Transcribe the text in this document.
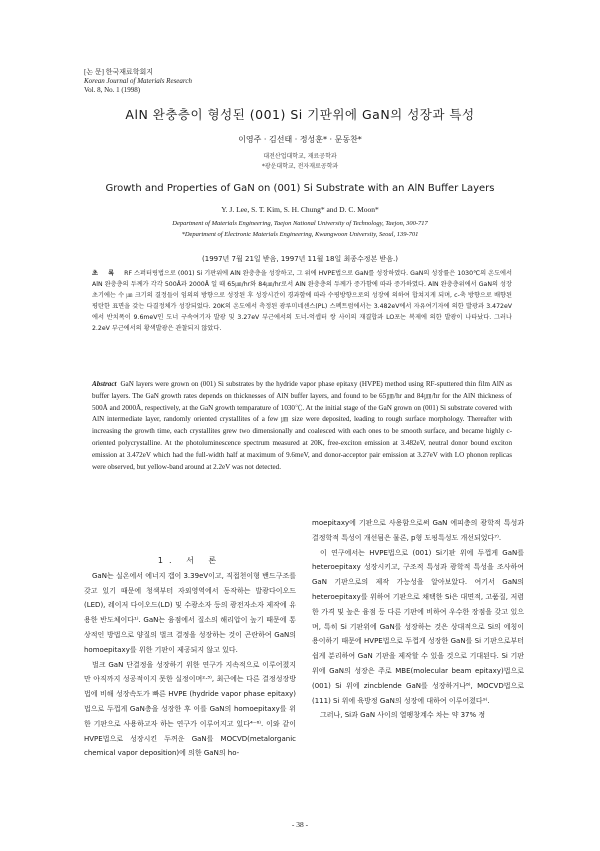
[논 문] 한국재료학회지
Korean Journal of Materials Research
Vol. 8, No. 1 (1998)
AlN 완충층이 형성된 (001) Si 기판위에 GaN의 성장과 특성
이영주 · 김선태 · 정성훈* · 문동찬*
대전산업대학교, 재료공학과
*광운대학교, 전자재료공학과
Growth and Properties of GaN on (001) Si Substrate with an AlN Buffer Layers
Y. J. Lee, S. T. Kim, S. H. Chung* and D. C. Moon*
Department of Materials Engineering, Taejon National University of Technology, Taejon, 300-717
*Department of Electronic Materials Engineering, Kwangwoon University, Seoul, 139-701
(1997년 7월 21일 받음, 1997년 11월 18일 최종수정본 받음.)
초 록 RF 스퍼터링법으로 (001) Si 기판위에 AlN 완충층을 성장하고, 그 위에 HVPE법으로 GaN를 성장하였다. GaN의 성장률은 1030℃의 온도에서 AlN 완충층의 두께가 각각 500Å과 2000Å 일 때 65㎛/hr와 84㎛/hr로서 AlN 완충층의 두께가 증가함에 따라 증가하였다. AlN 완충층위에서 GaN의 성장초기에는 수 ㎛ 크기의 결정들이 임의의 방향으로 성장된 후 성장시간이 경과함에 따라 수평방향으로의 성장에 의하여 합쳐지게 되며, c-축 방향으로 배향된 평탄한 표면을 갖는 다결정체가 성장되었다. 20K의 온도에서 측정된 광루미네센스(PL) 스펙트럼에서는 3.482eV에서 자유여기자에 의한 발광과 3.472eV에서 반치폭이 9.6meV인 도너 구속여기자 발광 및 3.27eV 부근에서의 도너-억셉터 쌍 사이의 재결합과 LO포논 복제에 의한 발광이 나타났다. 그러나 2.2eV 부근에서의 황색발광은 관찰되지 않았다.
Abstract GaN layers were grown on (001) Si substrates by the hydride vapor phase epitaxy (HVPE) method using RF-sputtered thin film AlN as buffer layers. The GaN growth rates depends on thicknesses of AlN buffer layers, and found to be 65㎛/hr and 84㎛/hr for the AlN thickness of 500Å and 2000Å, respectively, at the GaN growth temparature of 1030℃. At the initial stage of the GaN grown on (001) Si substrate covered with AlN intermediate layer, randomly oriented crystallites of a few ㎛ size were deposited, leading to rough surface morphology. Thereafter with increasing the growth time, each crystallites grew two dimensionally and coalesced with each ones to be smooth surface, and became highly c-oriented polycrystalline. At the photoluminescence spectrum measured at 20K, free-exciton emission at 3.482eV, neutral donor bound exciton emission at 3.472eV which had the full-width half at maximum of 9.6meV, and donor-acceptor pair emission at 3.27eV with LO phonon replicas were observed, but yellow-band around at 2.2eV was not detected.

1. 서 론

GaN는 실온에서 에너지 갭이 3.39eV이고, 직접천이형 밴드구조를 갖고 있기 때문에 청색부터 자외영역에서 동작하는 발광다이오드(LED), 레이저 다이오드(LD) 및 수광소자 등의 광전자소자 제작에 유용한 반도체이다¹⁾. GaN는 융점에서 질소의 해리압이 높기 때문에 통상적인 방법으로 양질의 벌크 결정을 성장하는 것이 곤란하여 GaN의 homoepitaxy를 위한 기판이 제공되지 않고 있다.

벌크 GaN 단결정을 성장하기 위한 연구가 지속적으로 이루어졌지만 아직까지 성공적이지 못한 실정이며²·³⁾, 최근에는 다른 결정성장방법에 비해 성장속도가 빠른 HVPE (hydride vapor phase epitaxy)법으로 두껍게 GaN층을 성장한 후 이를 GaN의 homoepitaxy를 위한 기판으로 사용하고자 하는 연구가 이루어지고 있다⁴⁻⁶⁾. 이와 같이 HVPE법으로 성장시킨 두꺼운 GaN를 MOCVD(metalorganic chemical vapor deposition)에 의한 GaN의 ho-

moepitaxy에 기판으로 사용함으로써 GaN 에피층의 광학적 특성과 결정학적 특성이 개선됨은 물론, p형 도핑특성도 개선되었다⁷⁾.

이 연구에서는 HVPE법으로 (001) Si기판 위에 두껍게 GaN를 heteroepitaxy 성장시키고, 구조적 특성과 광학적 특성을 조사하여 GaN 기판으로의 제작 가능성을 알아보았다. 여기서 GaN의 heteroepitaxy를 위하여 기판으로 채택한 Si은 대면적, 고품질, 저렴한 가격 및 높은 융점 등 다른 기판에 비하여 우수한 장점을 갖고 있으며, 특히 Si 기판위에 GaN를 성장하는 것은 상대적으로 Si의 에칭이 용이하기 때문에 HVPE법으로 두껍게 성장한 GaN를 Si 기판으로부터 쉽게 분리하여 GaN 기판을 제작할 수 있을 것으로 기대된다. Si 기판위에 GaN의 성장은 주로 MBE(molecular beam epitaxy)법으로 (001) Si 위에 zincblende GaN를 성장하거나⁸⁾, MOCVD법으로 (111) Si 위에 육방정 GaN의 성장에 대하여 이루어졌다⁹⁾.

그러나, Si과 GaN 사이의 열팽창계수 차는 약 37% 정

- 38 -
